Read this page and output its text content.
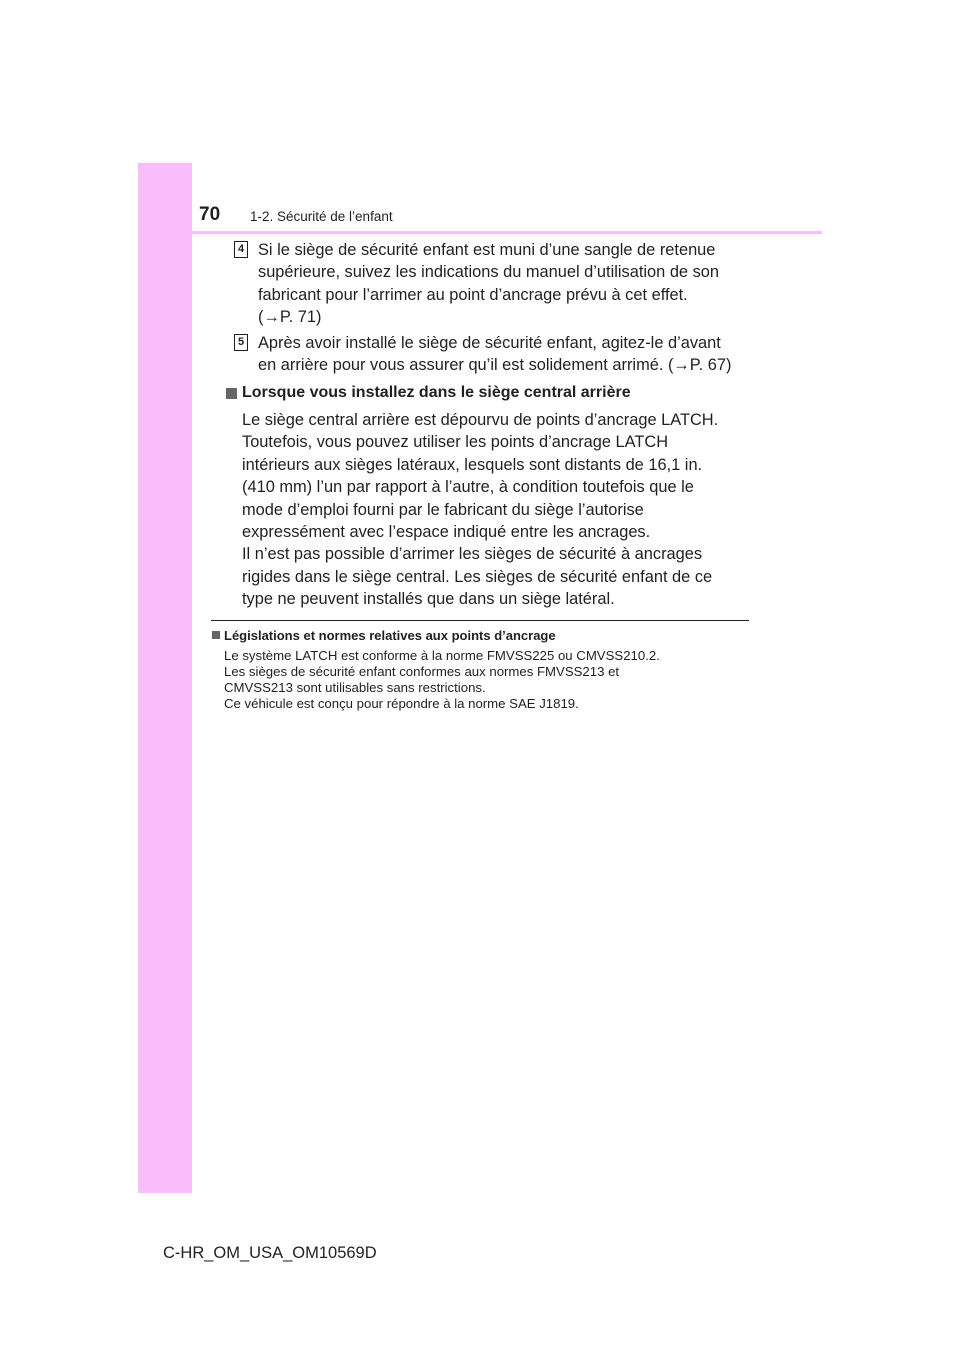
70 1-2. Sécurité de l’enfant
4 Si le siège de sécurité enfant est muni d’une sangle de retenue
supérieure, suivez les indications du manuel d’utilisation de son
fabricant pour l’arrimer au point d’ancrage prévu à cet effet.
(→P. 71)

5 Après avoir installé le siège de sécurité enfant, agitez-le d’avant
en arrière pour vous assurer qu’il est solidement arrimé. (→P. 67)

Lorsque vous installez dans le siège central arrière

Le siège central arrière est dépourvu de points d’ancrage LATCH.
Toutefois, vous pouvez utiliser les points d’ancrage LATCH
intérieurs aux sièges latéraux, lesquels sont distants de 16,1 in.
(410 mm) l’un par rapport à l’autre, à condition toutefois que le
mode d’emploi fourni par le fabricant du siège l’autorise
expressément avec l’espace indiqué entre les ancrages.
Il n’est pas possible d’arrimer les sièges de sécurité à ancrages
rigides dans le siège central. Les sièges de sécurité enfant de ce
type ne peuvent installés que dans un siège latéral.

Législations et normes relatives aux points d’ancrage

Le système LATCH est conforme à la norme FMVSS225 ou CMVSS210.2.
Les sièges de sécurité enfant conformes aux normes FMVSS213 et
CMVSS213 sont utilisables sans restrictions.
Ce véhicule est conçu pour répondre à la norme SAE J1819.

C-HR_OM_USA_OM10569D
